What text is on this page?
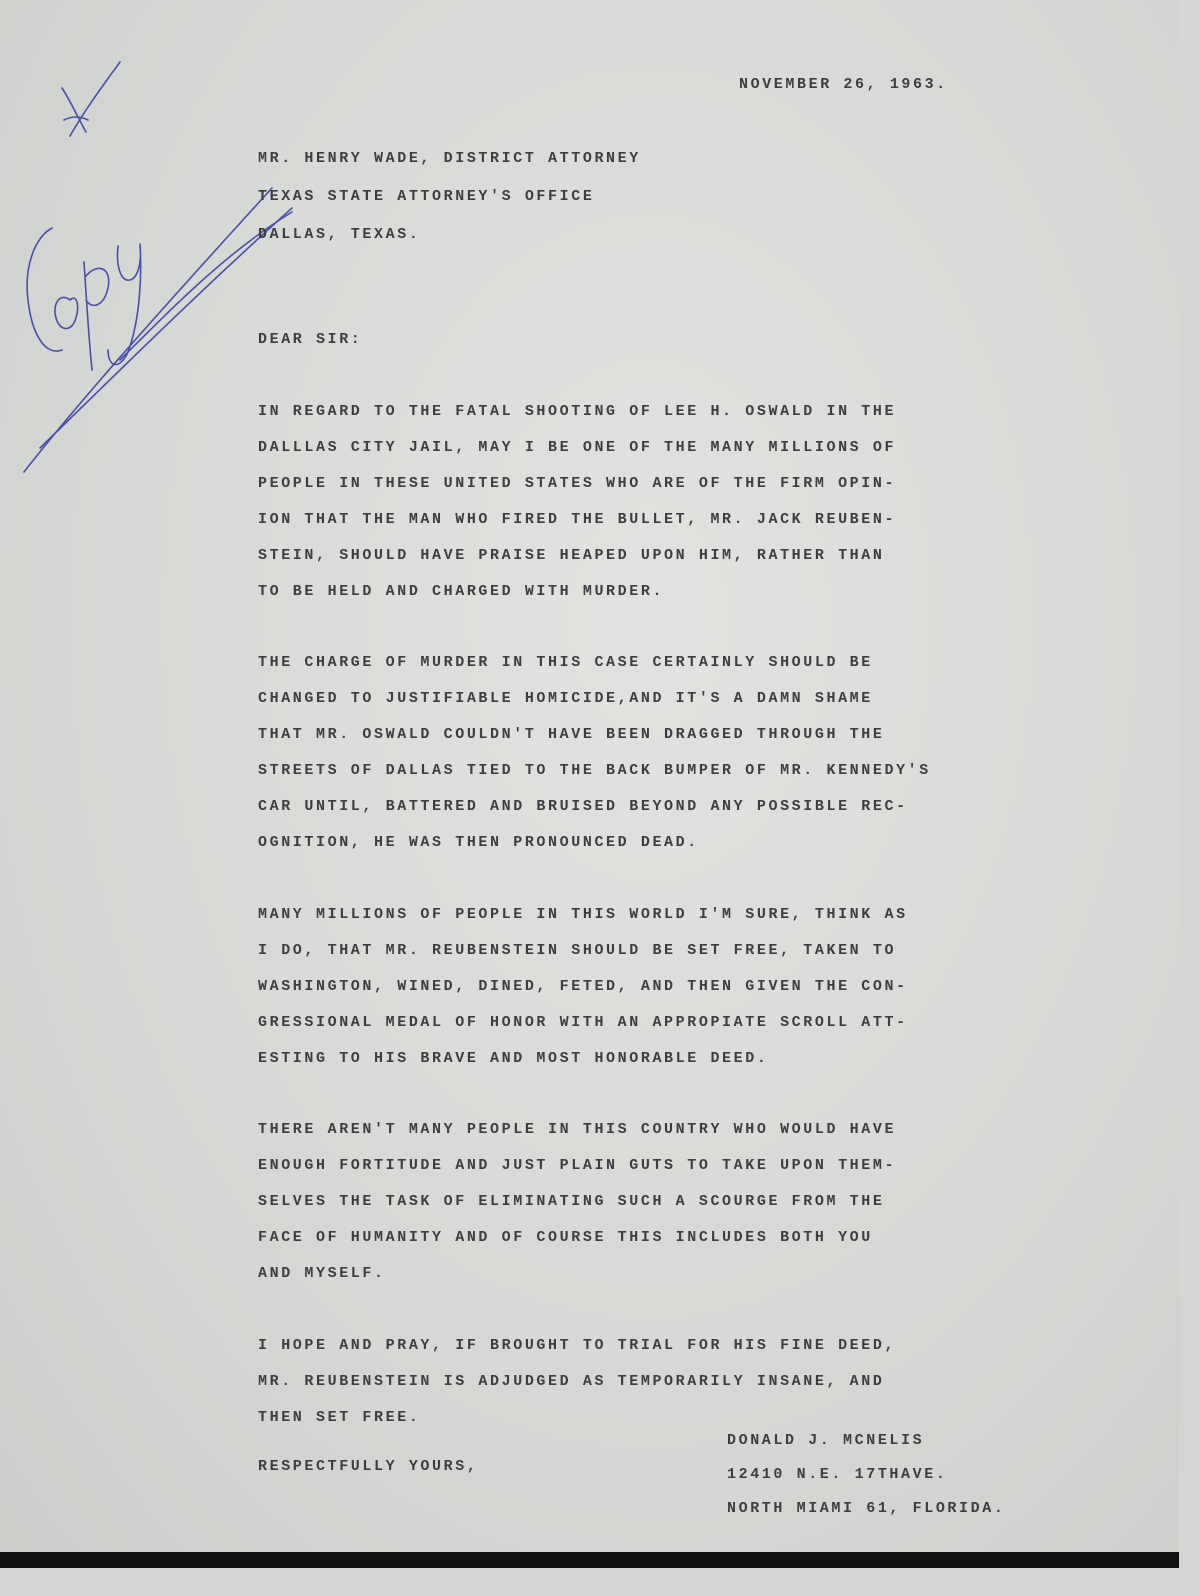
NOVEMBER 26, 1963.
MR. HENRY WADE, DISTRICT ATTORNEY
TEXAS STATE ATTORNEY'S OFFICE
DALLAS, TEXAS.
DEAR SIR:
IN REGARD TO THE FATAL SHOOTING OF LEE H. OSWALD IN THE
DALLLAS CITY JAIL, MAY I BE ONE OF THE MANY MILLIONS OF
PEOPLE IN THESE UNITED STATES WHO ARE OF THE FIRM OPIN-
ION THAT THE MAN WHO FIRED THE BULLET, MR. JACK REUBEN-
STEIN, SHOULD HAVE PRAISE HEAPED UPON HIM, RATHER THAN
TO BE HELD AND CHARGED WITH MURDER.
THE CHARGE OF MURDER IN THIS CASE CERTAINLY SHOULD BE
CHANGED TO JUSTIFIABLE HOMICIDE,AND IT'S A DAMN SHAME
THAT MR. OSWALD COULDN'T HAVE BEEN DRAGGED THROUGH THE
STREETS OF DALLAS TIED TO THE BACK BUMPER OF MR. KENNEDY'S
CAR UNTIL, BATTERED AND BRUISED BEYOND ANY POSSIBLE REC-
OGNITION, HE WAS THEN PRONOUNCED DEAD.
MANY MILLIONS OF PEOPLE IN THIS WORLD I'M SURE, THINK AS
I DO, THAT MR. REUBENSTEIN SHOULD BE SET FREE, TAKEN TO
WASHINGTON, WINED, DINED, FETED, AND THEN GIVEN THE CON-
GRESSIONAL MEDAL OF HONOR WITH AN APPROPIATE SCROLL ATT-
ESTING TO HIS BRAVE AND MOST HONORABLE DEED.
THERE AREN'T MANY PEOPLE IN THIS COUNTRY WHO WOULD HAVE
ENOUGH FORTITUDE AND JUST PLAIN GUTS TO TAKE UPON THEM-
SELVES THE TASK OF ELIMINATING SUCH A SCOURGE FROM THE
FACE OF HUMANITY AND OF COURSE THIS INCLUDES BOTH YOU
AND MYSELF.
I HOPE AND PRAY, IF BROUGHT TO TRIAL FOR HIS FINE DEED,
MR. REUBENSTEIN IS ADJUDGED AS TEMPORARILY INSANE, AND
THEN SET FREE.
RESPECTFULLY YOURS,
DONALD J. MCNELIS
12410 N.E. 17THAVE.
NORTH MIAMI 61, FLORIDA.
